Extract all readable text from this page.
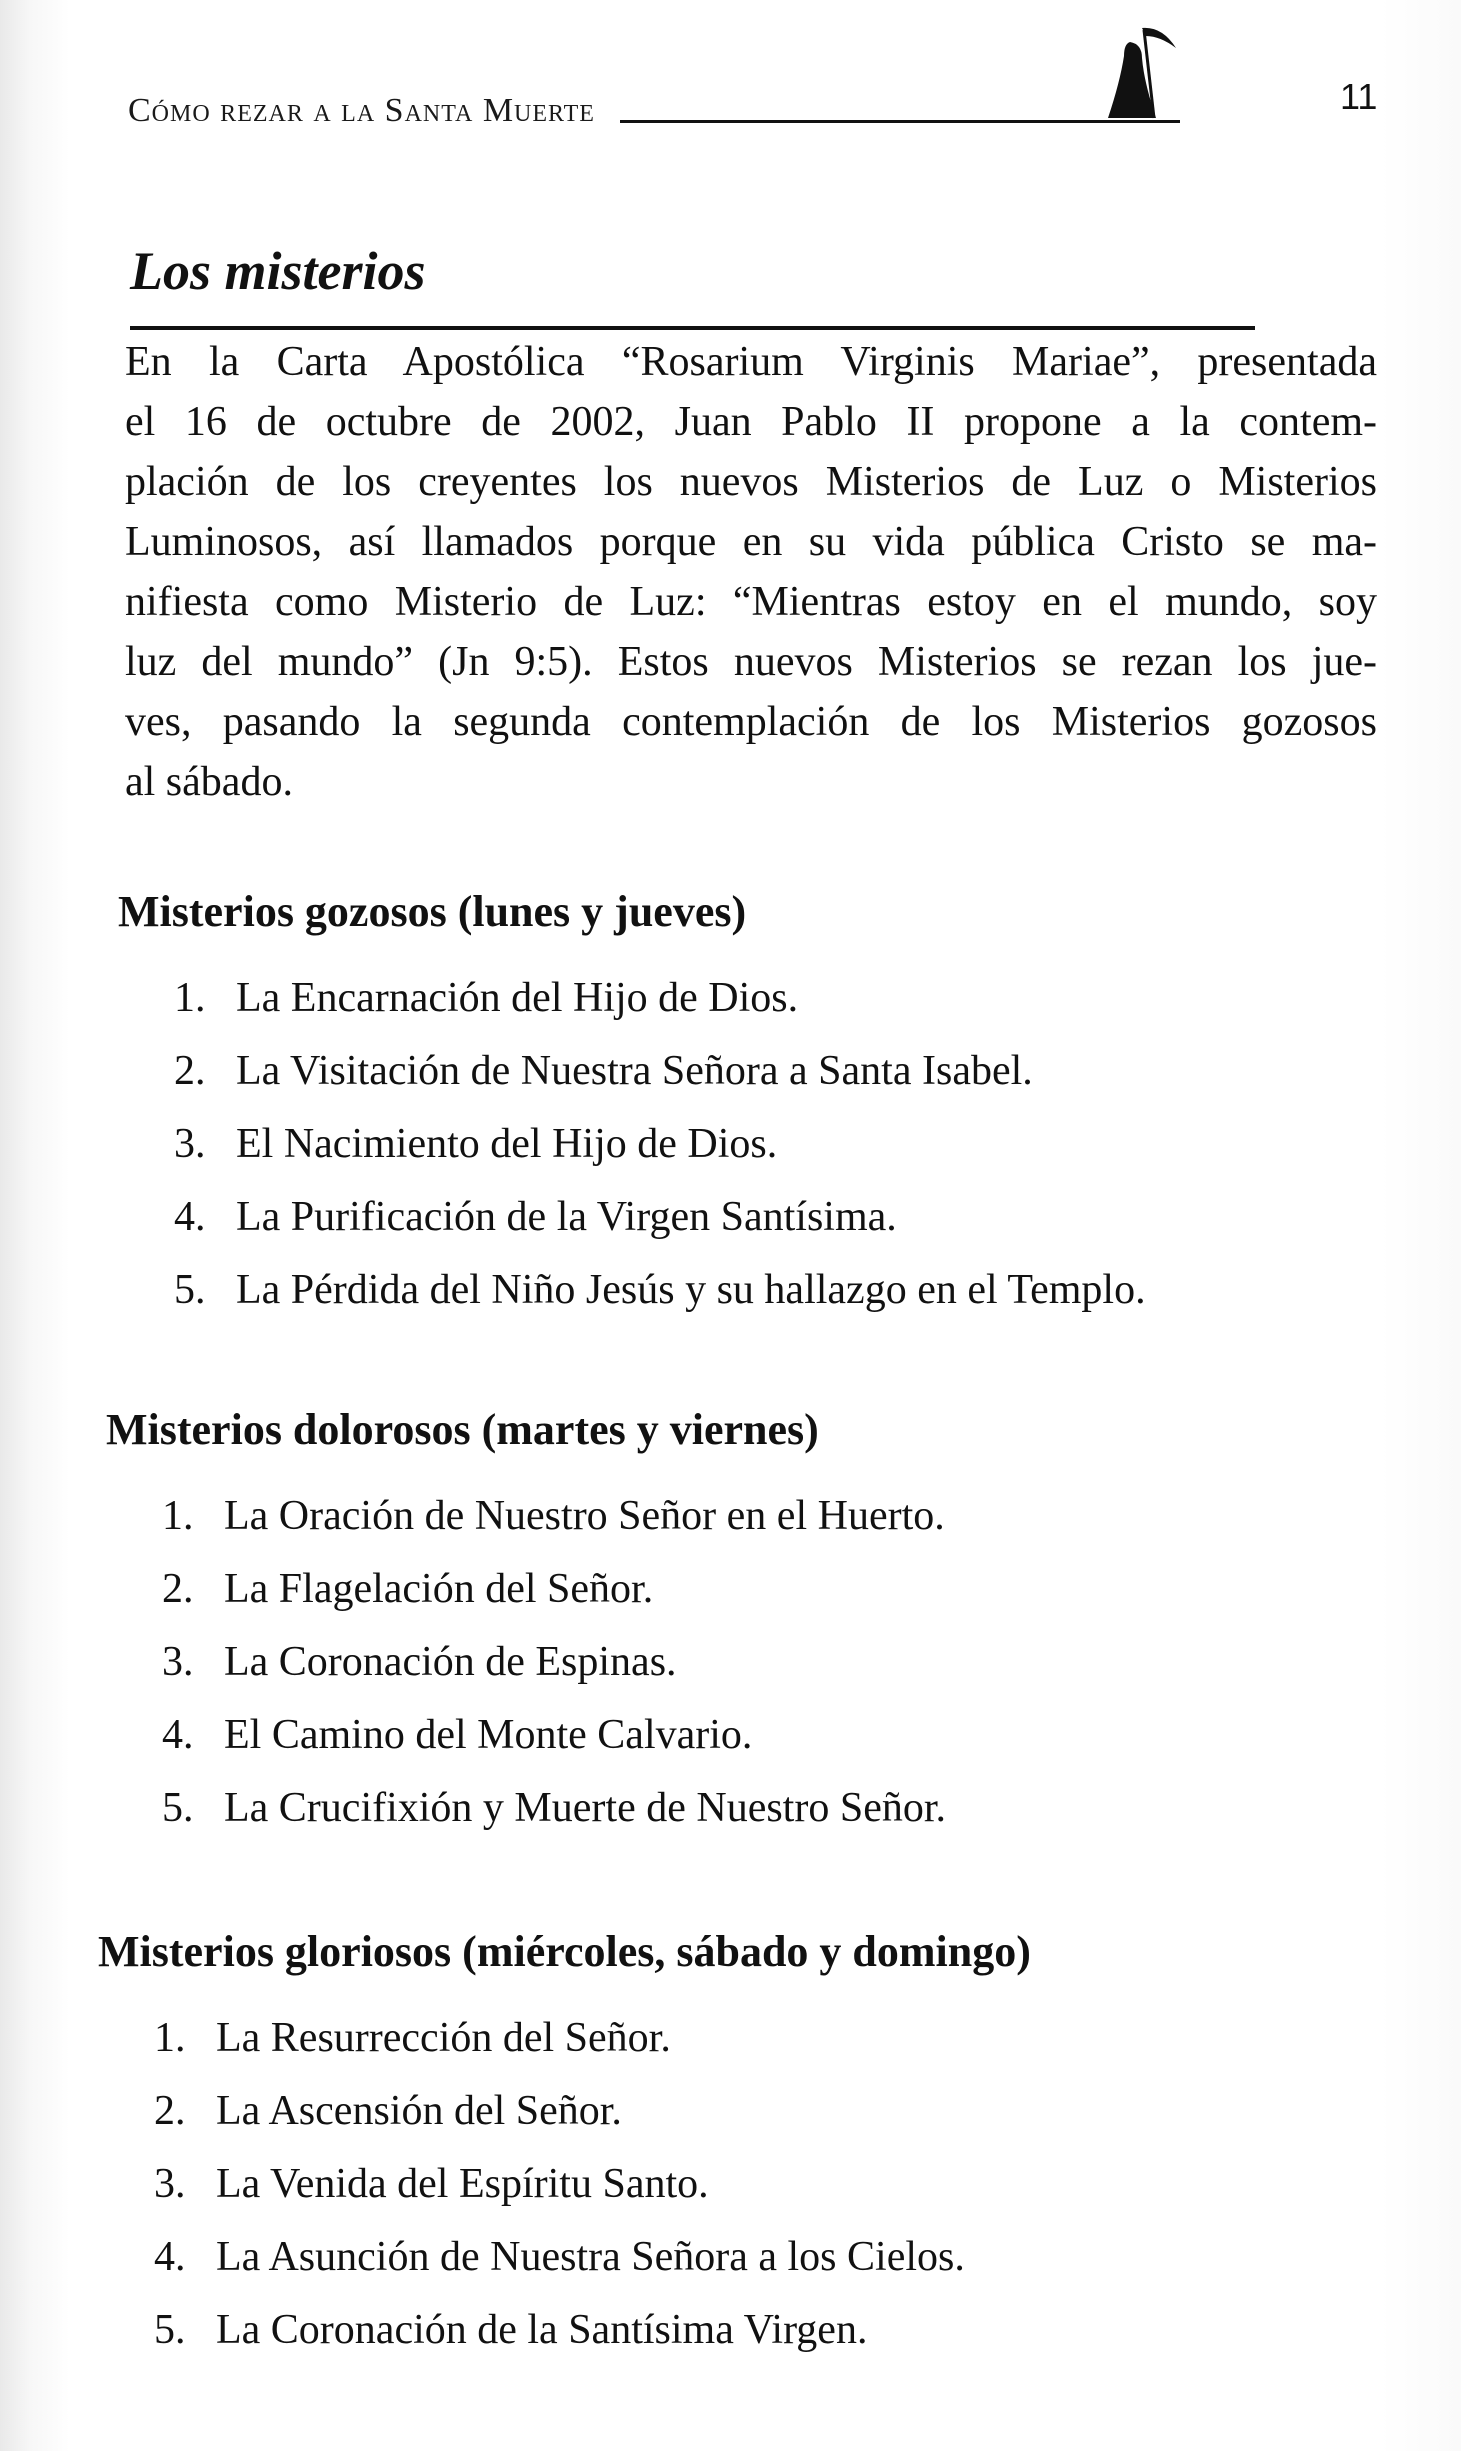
Cómo rezar a la Santa Muerte	11
Los misterios
En la Carta Apostólica “Rosarium Virginis Mariae”, presentada
el 16 de octubre de 2002, Juan Pablo II propone a la contem-
plación de los creyentes los nuevos Misterios de Luz o Misterios
Luminosos, así llamados porque en su vida pública Cristo se ma-
nifiesta como Misterio de Luz: “Mientras estoy en el mundo, soy
luz del mundo” (Jn 9:5). Estos nuevos Misterios se rezan los jue-
ves, pasando la segunda contemplación de los Misterios gozosos
al sábado.
Misterios gozosos (lunes y jueves)
1. La Encarnación del Hijo de Dios.
2. La Visitación de Nuestra Señora a Santa Isabel.
3. El Nacimiento del Hijo de Dios.
4. La Purificación de la Virgen Santísima.
5. La Pérdida del Niño Jesús y su hallazgo en el Templo.
Misterios dolorosos (martes y viernes)
1. La Oración de Nuestro Señor en el Huerto.
2. La Flagelación del Señor.
3. La Coronación de Espinas.
4. El Camino del Monte Calvario.
5. La Crucifixión y Muerte de Nuestro Señor.
Misterios gloriosos (miércoles, sábado y domingo)
1. La Resurrección del Señor.
2. La Ascensión del Señor.
3. La Venida del Espíritu Santo.
4. La Asunción de Nuestra Señora a los Cielos.
5. La Coronación de la Santísima Virgen.
